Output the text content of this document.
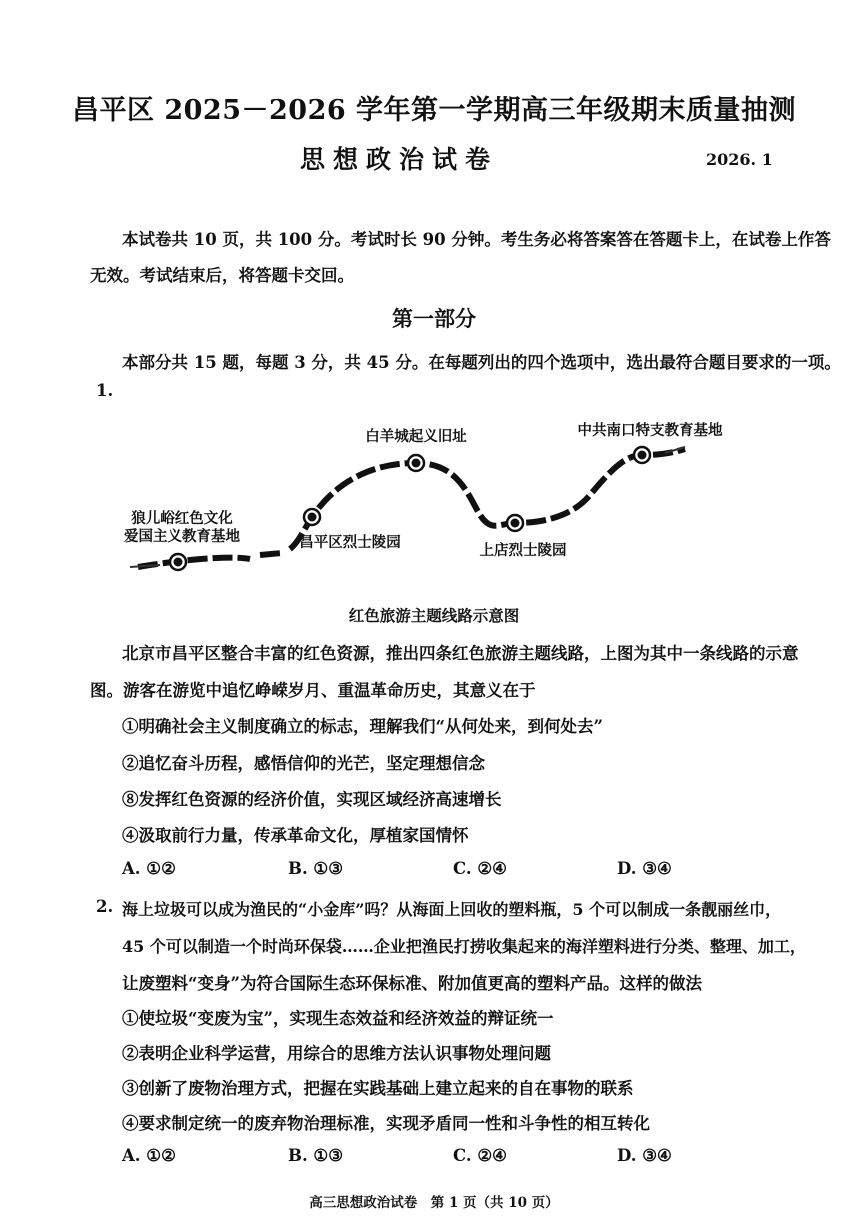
昌平区 2025－2026 学年第一学期高三年级期末质量抽测
思想政治试卷	2026. 1
本试卷共 10 页，共 100 分。考试时长 90 分钟。考生务必将答案答在答题卡上，在试卷上作答
无效。考试结束后，将答题卡交回。
第一部分
本部分共 15 题，每题 3 分，共 45 分。在每题列出的四个选项中，选出最符合题目要求的一项。
1.
狼儿峪红色文化
爱国主义教育基地	昌平区烈士陵园
白羊城起义旧址
上店烈士陵园
中共南口特支教育基地
红色旅游主题线路示意图
北京市昌平区整合丰富的红色资源，推出四条红色旅游主题线路，上图为其中一条线路的示意
图。游客在游览中追忆峥嵘岁月、重温革命历史，其意义在于
①明确社会主义制度确立的标志，理解我们“从何处来，到何处去”
②追忆奋斗历程，感悟信仰的光芒，坚定理想信念
⑧发挥红色资源的经济价值，实现区域经济高速增长
④汲取前行力量，传承革命文化，厚植家国情怀
A. ①②	B. ①③	C. ②④	D. ③④
2. 海上垃圾可以成为渔民的“小金库”吗？从海面上回收的塑料瓶，5 个可以制成一条靓丽丝巾，
45 个可以制造一个时尚环保袋……企业把渔民打捞收集起来的海洋塑料进行分类、整理、加工，
让废塑料“变身”为符合国际生态环保标准、附加值更高的塑料产品。这样的做法
①使垃圾“变废为宝”，实现生态效益和经济效益的辩证统一
②表明企业科学运营，用综合的思维方法认识事物处理问题
③创新了废物治理方式，把握在实践基础上建立起来的自在事物的联系
④要求制定统一的废弃物治理标准，实现矛盾同一性和斗争性的相互转化
A. ①②	B. ①③	C. ②④	D. ③④
高三思想政治试卷　第 1 页（共 10 页）
